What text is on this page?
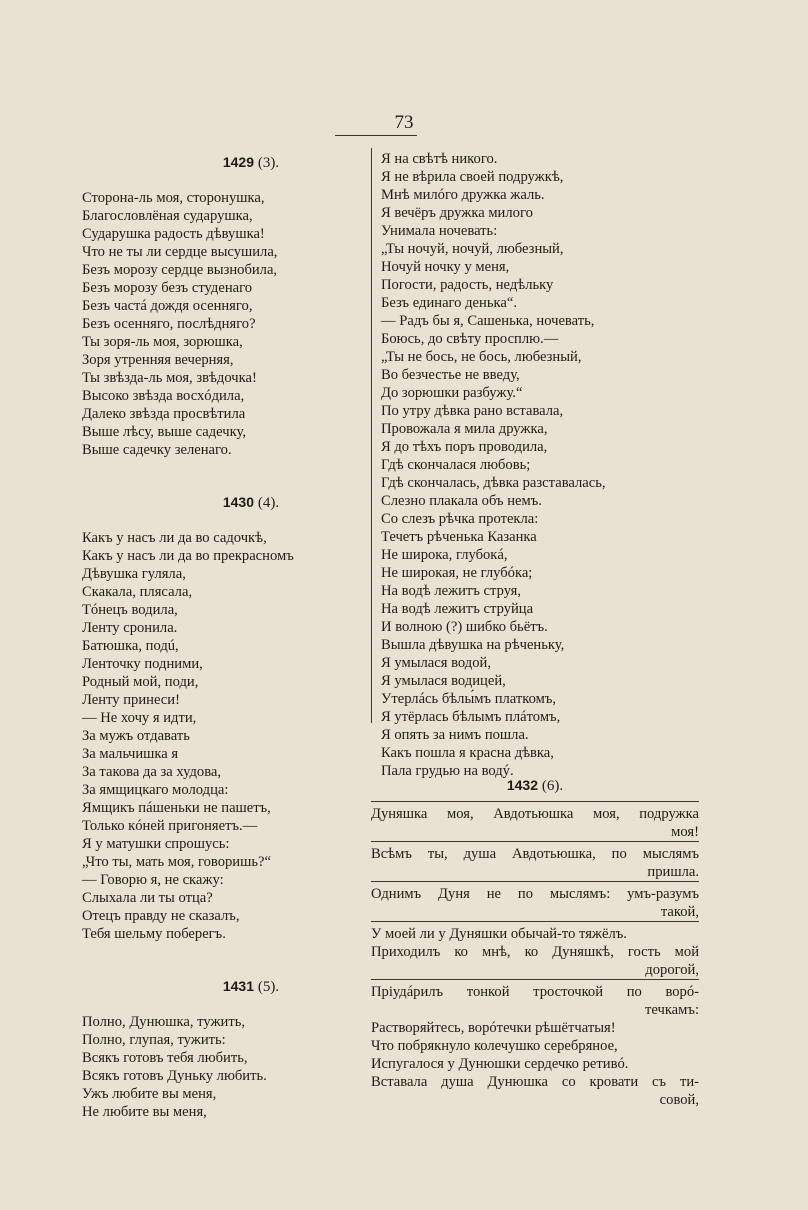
73
1429 (3).
Сторона-ль моя, сторонушка,
Благословлёная сударушка,
Сударушка радость дѣвушка!
Что не ты ли сердце высушила,
Безъ морозу сердце вызнобила,
Безъ морозу безъ студенаго
Безъ частá дождя осенняго,
Безъ осенняго, послѣдняго?
Ты зоря-ль моя, зорюшка,
Зоря утренняя вечерняя,
Ты звѣзда-ль моя, звѣдочка!
Высоко звѣзда восхóдила,
Далеко звѣзда просвѣтила
Выше лѣсу, выше садечку,
Выше садечку зеленаго.
1430 (4).
Какъ у насъ ли да во садочкѣ,
Какъ у насъ ли да во прекрасномъ
Дѣвушка гуляла,
Скакала, плясала,
Тóнецъ водила,
Ленту сронила.
Батюшка, подú,
Ленточку подними,
Родный мой, поди,
Ленту принеси!
— Не хочу я идти,
За мужъ отдавать
За мальчишка я
За такова да за худова,
За ямщицкаго молодца:
Ямщикъ пáшеньки не пашетъ,
Только кóней пригоняетъ.—
Я у матушки спрошусь:
„Что ты, мать моя, говоришь?“
— Говорю я, не скажу:
Слыхала ли ты отца?
Отецъ правду не сказалъ,
Тебя шельму поберегъ.
1431 (5).
Полно, Дунюшка, тужить,
Полно, глупая, тужить:
Всякъ готовъ тебя любить,
Всякъ готовъ Дуньку любить.
Ужъ любите вы меня,
Не любите вы меня,
Я на свѣтѣ никого.
Я не вѣрила своей подружкѣ,
Мнѣ милóго дружка жаль.
Я вечёръ дружка милого
Унимала ночевать:
„Ты ночуй, ночуй, любезный,
Ночуй ночку у меня,
Погости, радость, недѣльку
Безъ единаго денька“.
— Радъ бы я, Сашенька, ночевать,
Боюсь, до свѣту просплю.—
„Ты не бось, не бось, любезный,
Во безчестье не введу,
До зорюшки разбужу.“
По утру дѣвка рано вставала,
Провожала я мила дружка,
Я до тѣхъ поръ проводила,
Гдѣ скончалася любовь;
Гдѣ скончалась, дѣвка разставалась,
Слезно плакала объ немъ.
Со слезъ рѣчка протекла:
Течетъ рѣченька Казанка
Не широка, глубокá,
Не широкая, не глубóка;
На водѣ лежитъ струя,
На водѣ лежитъ струйца
И волною (?) шибко бьётъ.
Вышла дѣвушка на рѣченьку,
Я умылася водой,
Я умылася водицей,
Утерлáсь бѣлы́мъ платкомъ,
Я утёрлась бѣлымъ плáтомъ,
Я опять за нимъ пошла.
Какъ пошла я красна дѣвка,
Пала грудью на водý.
1432 (6).
Дуняшка моя, Авдотьюшка моя, подружка
моя!
Всѣмъ ты, душа Авдотьюшка, по мыслямъ
пришла.
Однимъ Дуня не по мыслямъ: умъ-разумъ
такой,
У моей ли у Дуняшки обычай-то тяжёлъ.
Приходилъ ко мнѣ, ко Дуняшкѣ, гость мой
дорогой,
Прiудáрилъ тонкой тросточкой по ворó-
течкамъ:
Растворяйтесь, ворóтечки рѣшётчатыя!
Что побрякнуло колечушко серебряное,
Испугалося у Дунюшки сердечко ретивó.
Вставала душа Дунюшка со кровати съ ти-
совой,
